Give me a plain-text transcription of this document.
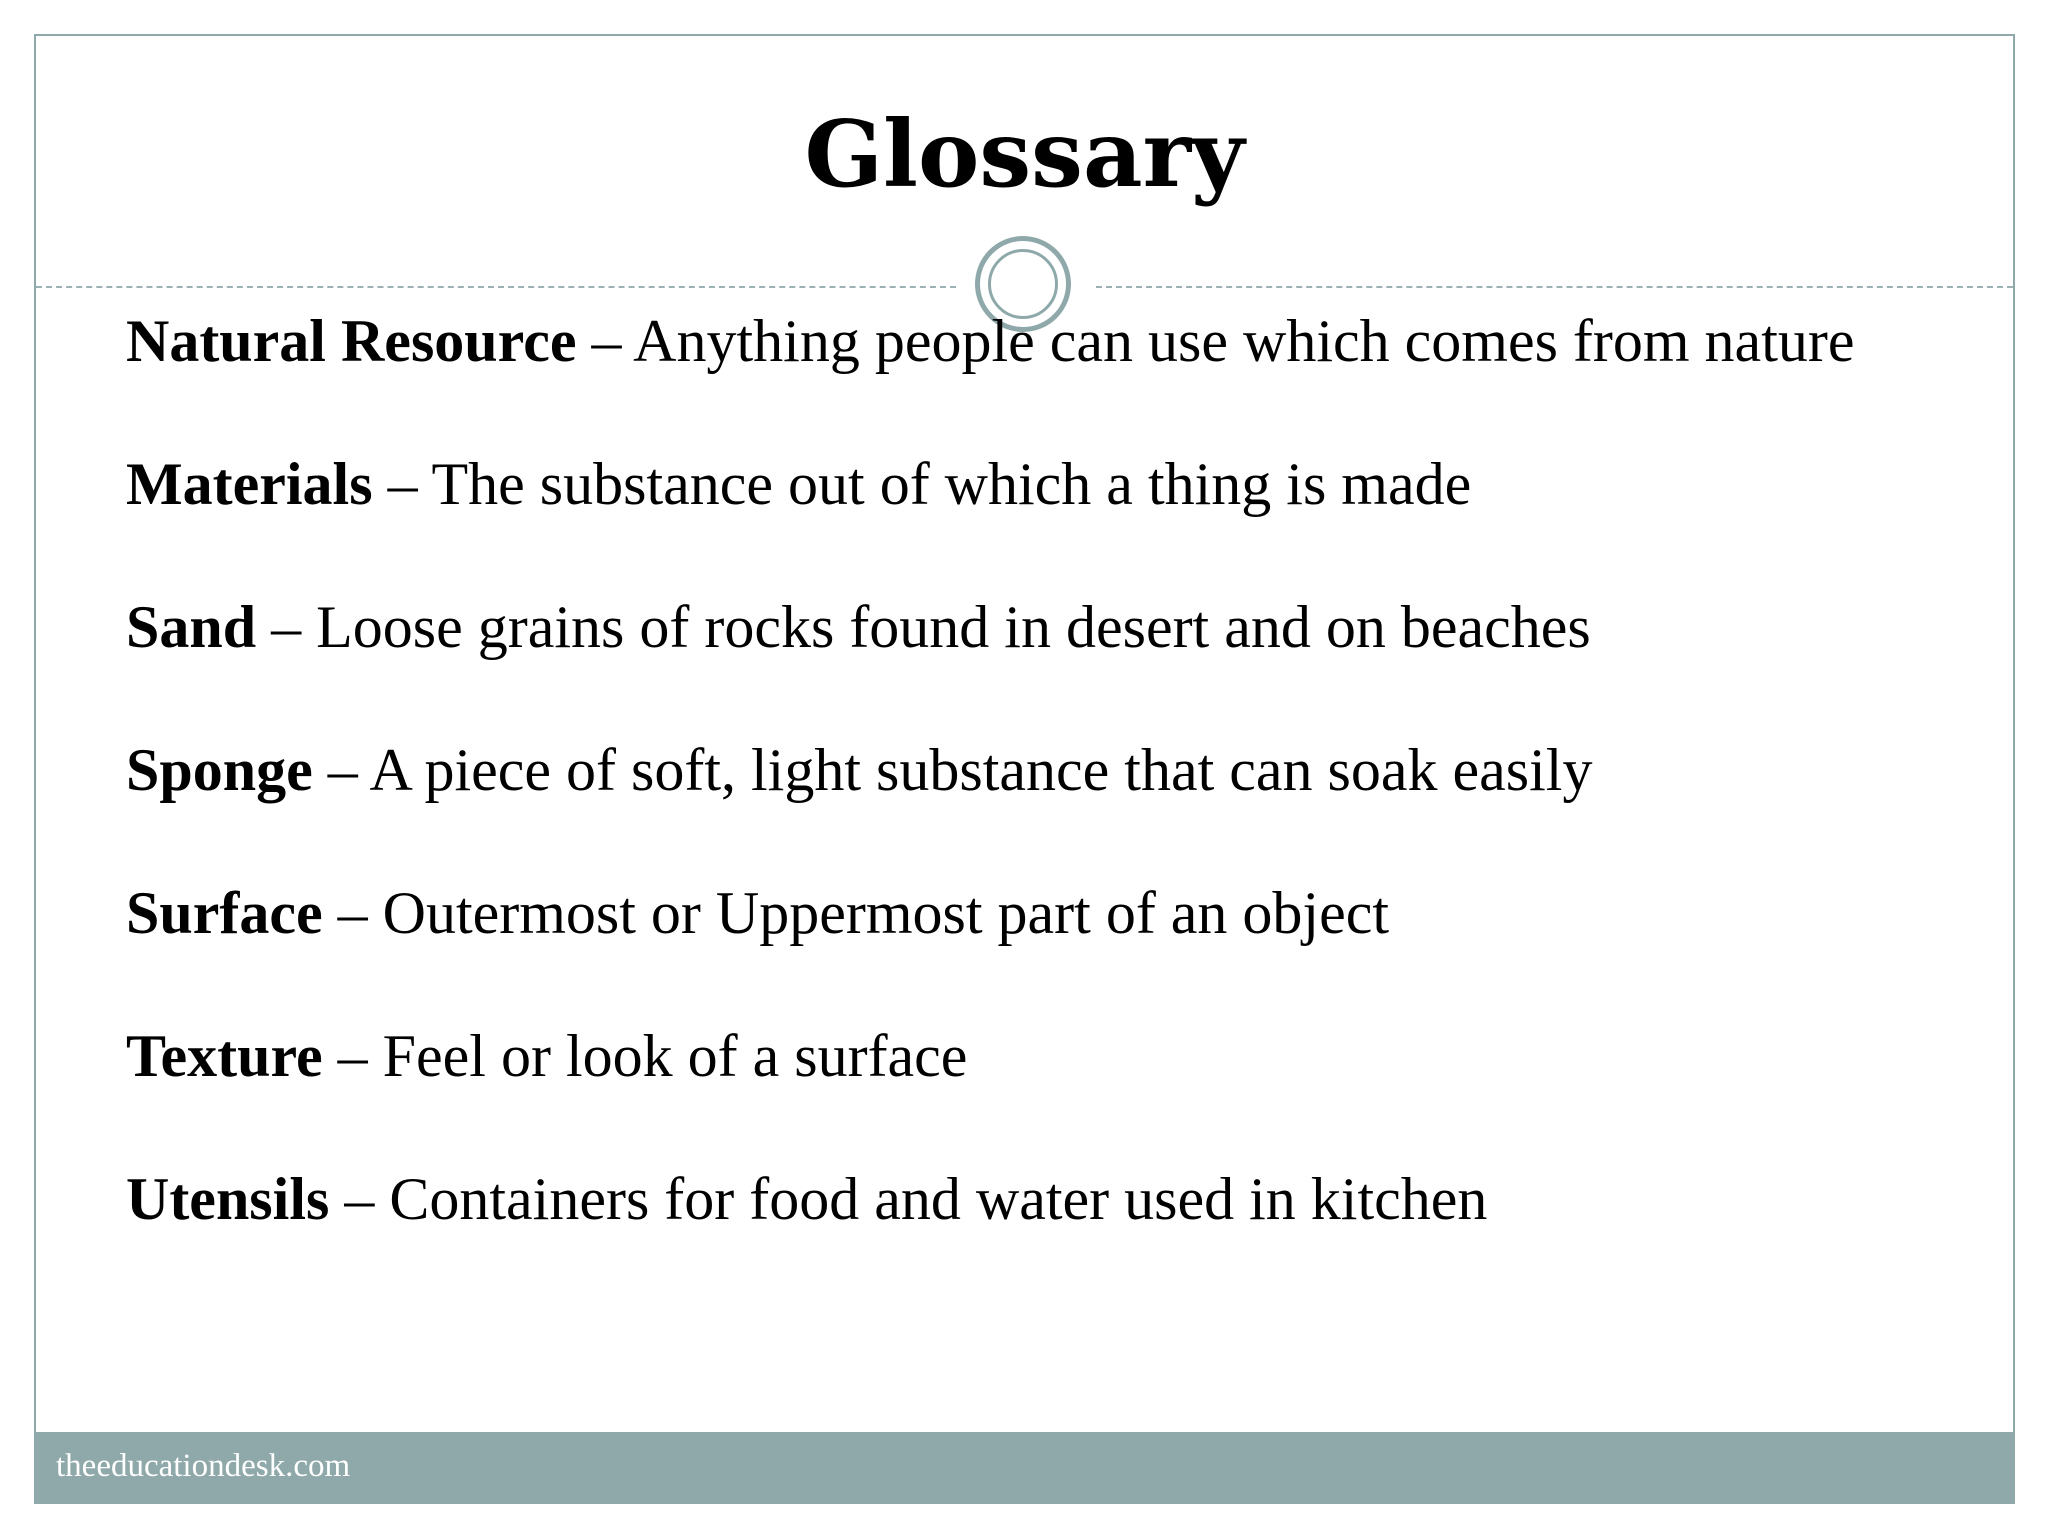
Glossary

Natural Resource – Anything people can use which comes from nature

Materials – The substance out of which a thing is made

Sand – Loose grains of rocks found in desert and on beaches

Sponge – A piece of soft, light substance that can soak easily

Surface – Outermost or Uppermost part of an object

Texture – Feel or look of a surface

Utensils – Containers for food and water used in kitchen

theeducationdesk.com
